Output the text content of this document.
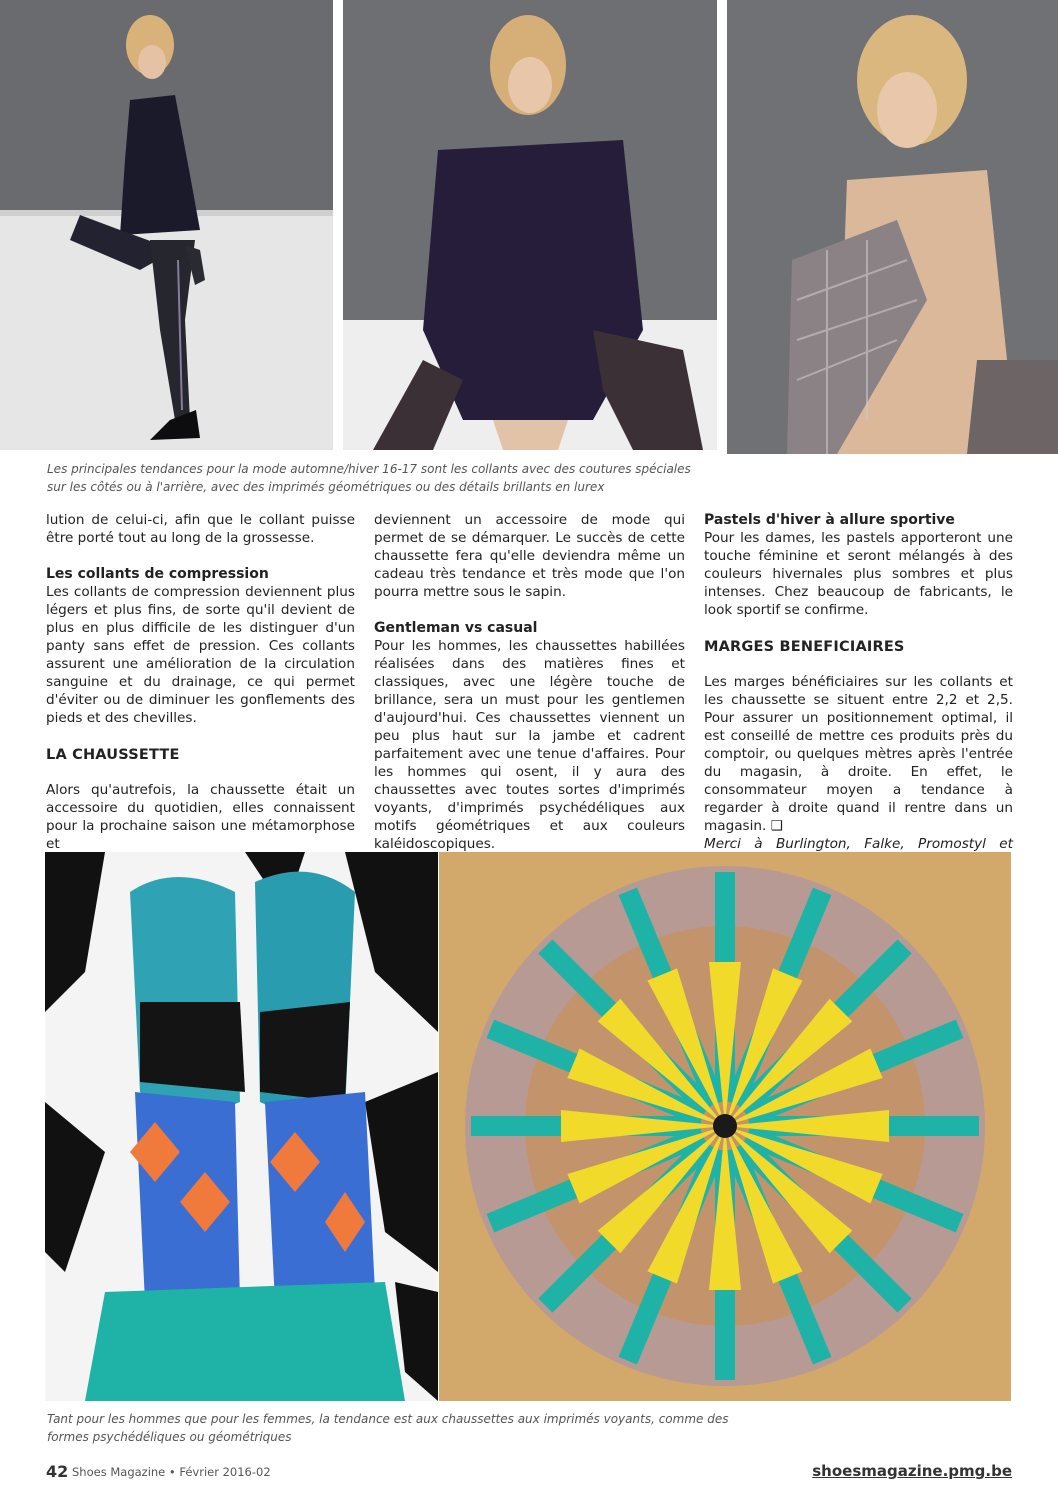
Les principales tendances pour la mode automne/hiver 16-17 sont les collants avec des coutures spéciales sur les côtés ou à l'arrière, avec des imprimés géométriques ou des détails brillants en lurex

lution de celui-ci, afin que le collant puisse être porté tout au long de la grossesse.

Les collants de compression

Les collants de compression deviennent plus légers et plus fins, de sorte qu'il devient de plus en plus difficile de les distinguer d'un panty sans effet de pression. Ces collants assurent une amélioration de la circulation sanguine et du drainage, ce qui permet d'éviter ou de diminuer les gonflements des pieds et des chevilles.

LA CHAUSSETTE

Alors qu'autrefois, la chaussette était un accessoire du quotidien, elles connaissent pour la prochaine saison une métamorphose et

deviennent un accessoire de mode qui permet de se démarquer. Le succès de cette chaussette fera qu'elle deviendra même un cadeau très tendance et très mode que l'on pourra mettre sous le sapin.

Gentleman vs casual

Pour les hommes, les chaussettes habillées réalisées dans des matières fines et classiques, avec une légère touche de brillance, sera un must pour les gentlemen d'aujourd'hui. Ces chaussettes viennent un peu plus haut sur la jambe et cadrent parfaitement avec une tenue d'affaires. Pour les hommes qui osent, il y aura des chaussettes avec toutes sortes d'imprimés voyants, d'imprimés psychédéliques aux motifs géométriques et aux couleurs kaléidoscopiques.

Pastels d'hiver à allure sportive

Pour les dames, les pastels apporteront une touche féminine et seront mélangés à des couleurs hivernales plus sombres et plus intenses. Chez beaucoup de fabricants, le look sportif se confirme.

MARGES BENEFICIAIRES

Les marges bénéficiaires sur les collants et les chaussette se situent entre 2,2 et 2,5. Pour assurer un positionnement optimal, il est conseillé de mettre ces produits près du comptoir, ou quelques mètres après l'entrée du magasin, à droite. En effet, le consommateur moyen a tendance à regarder à droite quand il rentre dans un magasin. ❑

Merci à Burlington, Falke, Promostyl et

Tant pour les hommes que pour les femmes, la tendance est aux chaussettes aux imprimés voyants, comme des formes psychédéliques ou géométriques
42 Shoes Magazine • Février 2016-02	shoesmagazine.pmg.be
